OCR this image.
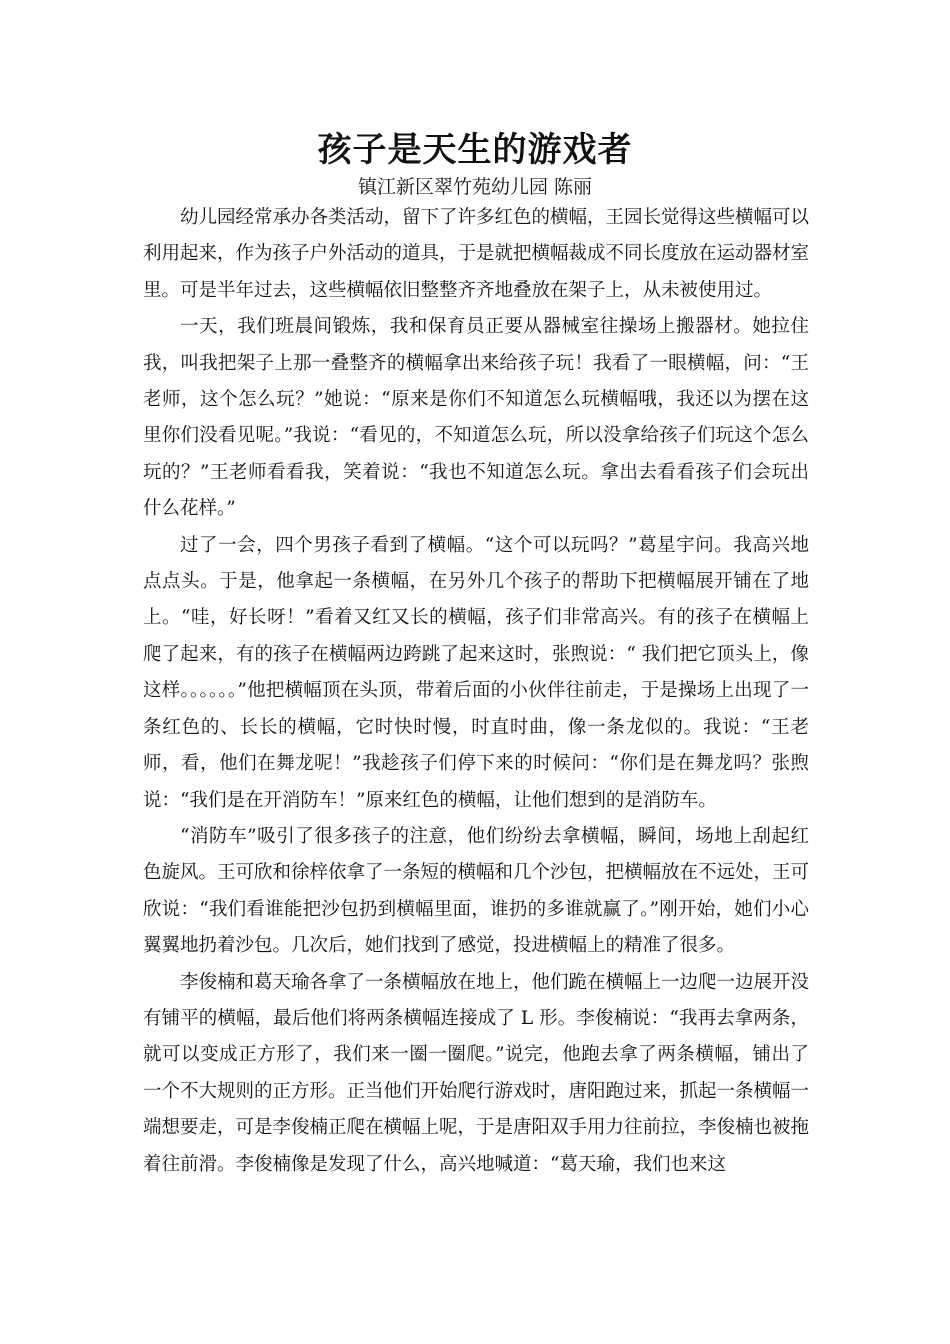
孩子是天生的游戏者

镇江新区翠竹苑幼儿园 陈丽

幼儿园经常承办各类活动，留下了许多红色的横幅，王园长觉得这些横幅可以利用起来，作为孩子户外活动的道具，于是就把横幅裁成不同长度放在运动器材室里。可是半年过去，这些横幅依旧整整齐齐地叠放在架子上，从未被使用过。

一天，我们班晨间锻炼，我和保育员正要从器械室往操场上搬器材。她拉住我，叫我把架子上那一叠整齐的横幅拿出来给孩子玩！我看了一眼横幅，问：“王老师，这个怎么玩？”她说：“原来是你们不知道怎么玩横幅哦，我还以为摆在这里你们没看见呢。”我说：“看见的，不知道怎么玩，所以没拿给孩子们玩这个怎么玩的？”王老师看看我，笑着说：“我也不知道怎么玩。拿出去看看孩子们会玩出什么花样。”

过了一会，四个男孩子看到了横幅。“这个可以玩吗？”葛星宇问。我高兴地点点头。于是，他拿起一条横幅，在另外几个孩子的帮助下把横幅展开铺在了地上。“哇，好长呀！”看着又红又长的横幅，孩子们非常高兴。有的孩子在横幅上爬了起来，有的孩子在横幅两边跨跳了起来这时，张煦说：“ 我们把它顶头上，像这样。。。。。。”他把横幅顶在头顶，带着后面的小伙伴往前走，于是操场上出现了一条红色的、长长的横幅，它时快时慢，时直时曲，像一条龙似的。我说：“王老师，看，他们在舞龙呢！”我趁孩子们停下来的时候问：“你们是在舞龙吗？张煦说：“我们是在开消防车！”原来红色的横幅，让他们想到的是消防车。

“消防车”吸引了很多孩子的注意，他们纷纷去拿横幅，瞬间，场地上刮起红色旋风。王可欣和徐梓依拿了一条短的横幅和几个沙包，把横幅放在不远处，王可欣说：“我们看谁能把沙包扔到横幅里面，谁扔的多谁就赢了。”刚开始，她们小心翼翼地扔着沙包。几次后，她们找到了感觉，投进横幅上的精准了很多。

李俊楠和葛天瑜各拿了一条横幅放在地上，他们跪在横幅上一边爬一边展开没有铺平的横幅，最后他们将两条横幅连接成了 L 形。李俊楠说：“我再去拿两条，就可以变成正方形了，我们来一圈一圈爬。”说完，他跑去拿了两条横幅，铺出了一个不大规则的正方形。正当他们开始爬行游戏时，唐阳跑过来，抓起一条横幅一端想要走，可是李俊楠正爬在横幅上呢，于是唐阳双手用力往前拉，李俊楠也被拖着往前滑。李俊楠像是发现了什么，高兴地喊道：“葛天瑜，我们也来这
